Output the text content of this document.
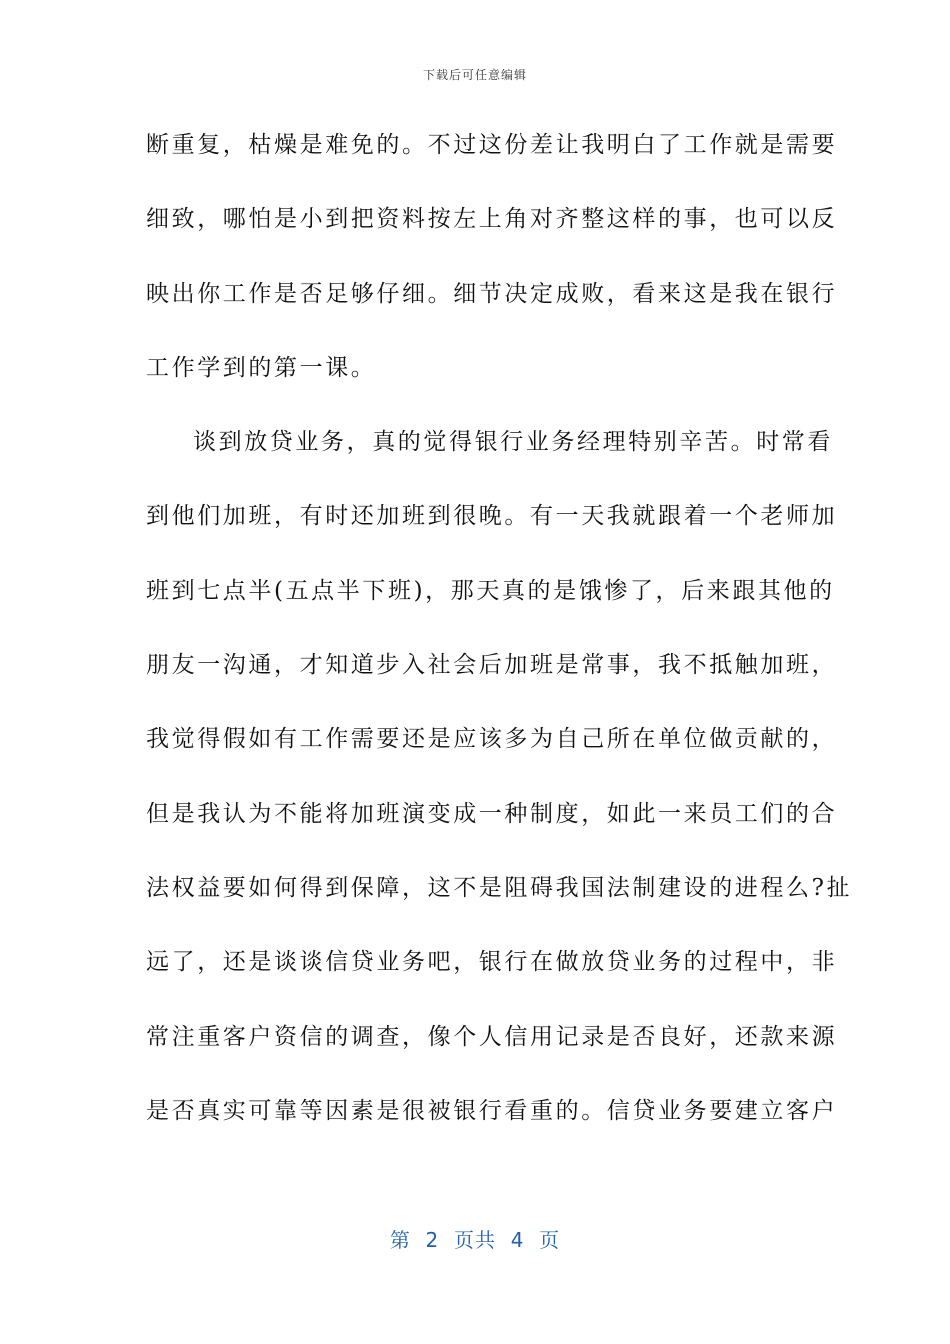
下载后可任意编辑
断重复，枯燥是难免的。不过这份差让我明白了工作就是需要
细致，哪怕是小到把资料按左上角对齐整这样的事，也可以反
映出你工作是否足够仔细。细节决定成败，看来这是我在银行
工作学到的第一课。
谈到放贷业务，真的觉得银行业务经理特别辛苦。时常看
到他们加班，有时还加班到很晚。有一天我就跟着一个老师加
班到七点半(五点半下班)，那天真的是饿惨了，后来跟其他的
朋友一沟通，才知道步入社会后加班是常事，我不抵触加班，
我觉得假如有工作需要还是应该多为自己所在单位做贡献的，
但是我认为不能将加班演变成一种制度，如此一来员工们的合
法权益要如何得到保障，这不是阻碍我国法制建设的进程么?扯
远了，还是谈谈信贷业务吧，银行在做放贷业务的过程中，非
常注重客户资信的调查，像个人信用记录是否良好，还款来源
是否真实可靠等因素是很被银行看重的。信贷业务要建立客户
第  2  页共  4  页
